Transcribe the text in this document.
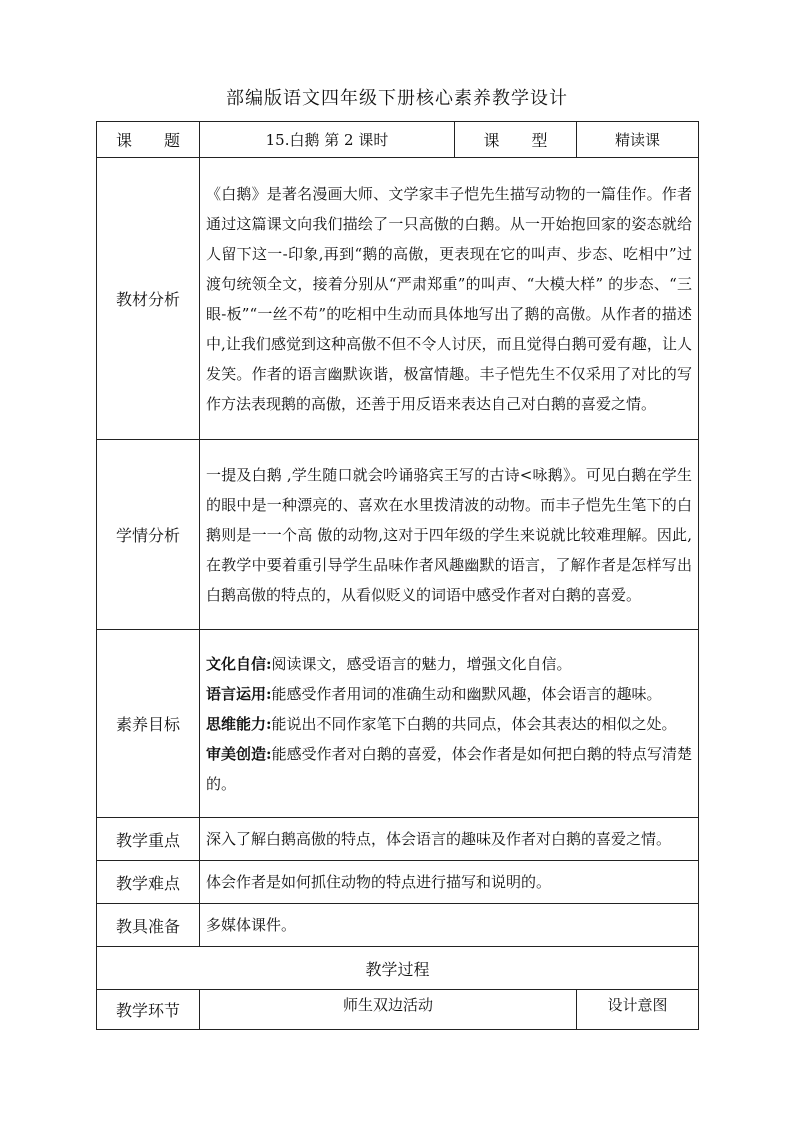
部编版语文四年级下册核心素养教学设计
课　　题	15.白鹅 第 2 课时	课　　型	精读课
教材分析	《白鹅》是著名漫画大师、文学家丰子恺先生描写动物的一篇佳作。作者通过这篇课文向我们描绘了一只高傲的白鹅。从一开始抱回家的姿态就给人留下这一-印象,再到“鹅的高傲，更表现在它的叫声、步态、吃相中”过渡句统领全文，接着分别从“严肃郑重”的叫声、“大模大样” 的步态、“三眼-板”“一丝不苟”的吃相中生动而具体地写出了鹅的高傲。从作者的描述中,让我们感觉到这种高傲不但不令人讨厌，而且觉得白鹅可爱有趣，让人发笑。作者的语言幽默诙谐，极富情趣。丰子恺先生不仅采用了对比的写作方法表现鹅的高傲，还善于用反语来表达自己对白鹅的喜爱之情。		
学情分析	一提及白鹅 ,学生随口就会吟诵骆宾王写的古诗<咏鹅》。可见白鹅在学生的眼中是一种漂亮的、喜欢在水里拨清波的动物。而丰子恺先生笔下的白鹅则是一一个高 傲的动物,这对于四年级的学生来说就比较难理解。因此,在教学中要着重引导学生品味作者风趣幽默的语言，了解作者是怎样写出白鹅高傲的特点的，从看似贬义的词语中感受作者对白鹅的喜爱。		
素养目标	文化自信:阅读课文，感受语言的魅力，增强文化自信。
语言运用:能感受作者用词的准确生动和幽默风趣，体会语言的趣味。
思维能力:能说出不同作家笔下白鹅的共同点，体会其表达的相似之处。
审美创造:能感受作者对白鹅的喜爱，体会作者是如何把白鹅的特点写清楚的。		

教学重点	深入了解白鹅高傲的特点，体会语言的趣味及作者对白鹅的喜爱之情。		
教学难点	体会作者是如何抓住动物的特点进行描写和说明的。		
教具准备	多媒体课件。		
教学过程			
教学环节	师生双边活动		设计意图
